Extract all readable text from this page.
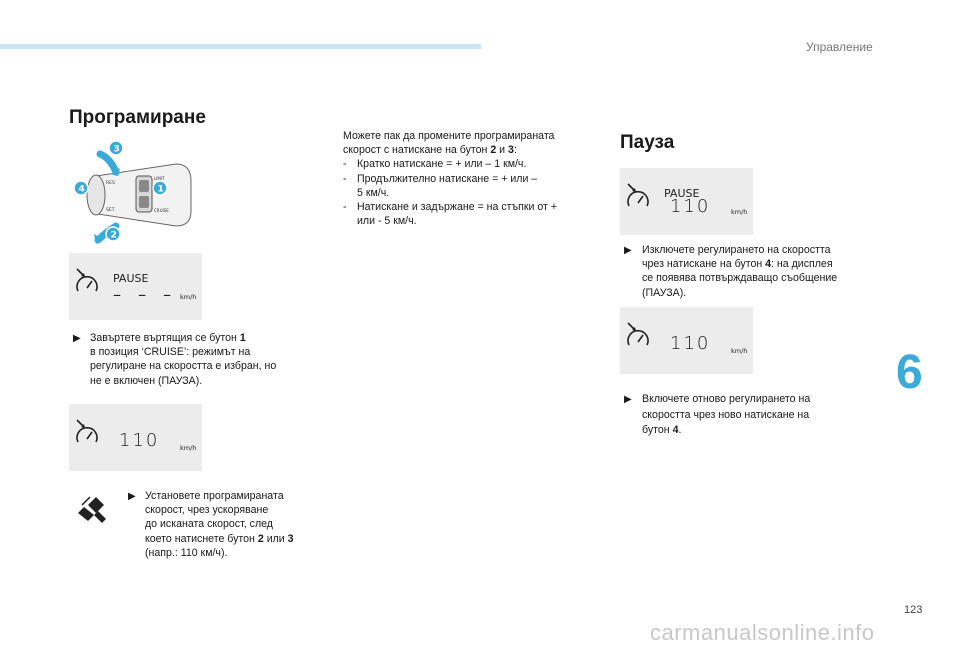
Управление
6
123
carmanualsonline.info
Програмиране
RES
SET
LIMIT
CRUISE
3
1
4
2
PAUSE
– – – km/h
▶ Завъртете въртящия се бутон 1
в позиция ‘CRUISE’: режимът на
регулиране на скоростта е избран, но
не е включен (ПАУЗА).
110	km/h
▶ Установете програмираната
скорост, чрез ускоряване
до исканата скорост, след
което натиснете бутон 2 или 3
(напр.: 110 км/ч).
Можете пак да промените програмираната
скорост с натискане на бутон 2 и 3:
- Кратко натискане = + или – 1 км/ч.
- Продължително натискане = + или –
5 км/ч.
- Натискане и задържане = на стъпки от +
или - 5 км/ч.
Пауза
PAUSE
110	km/h
▶ Изключете регулирането на скоростта
чрез натискане на бутон 4: на дисплея
се появява потвърждаващо съобщение
(ПАУЗА).
110	km/h
▶ Включете отново регулирането на
скоростта чрез ново натискане на
бутон 4.
